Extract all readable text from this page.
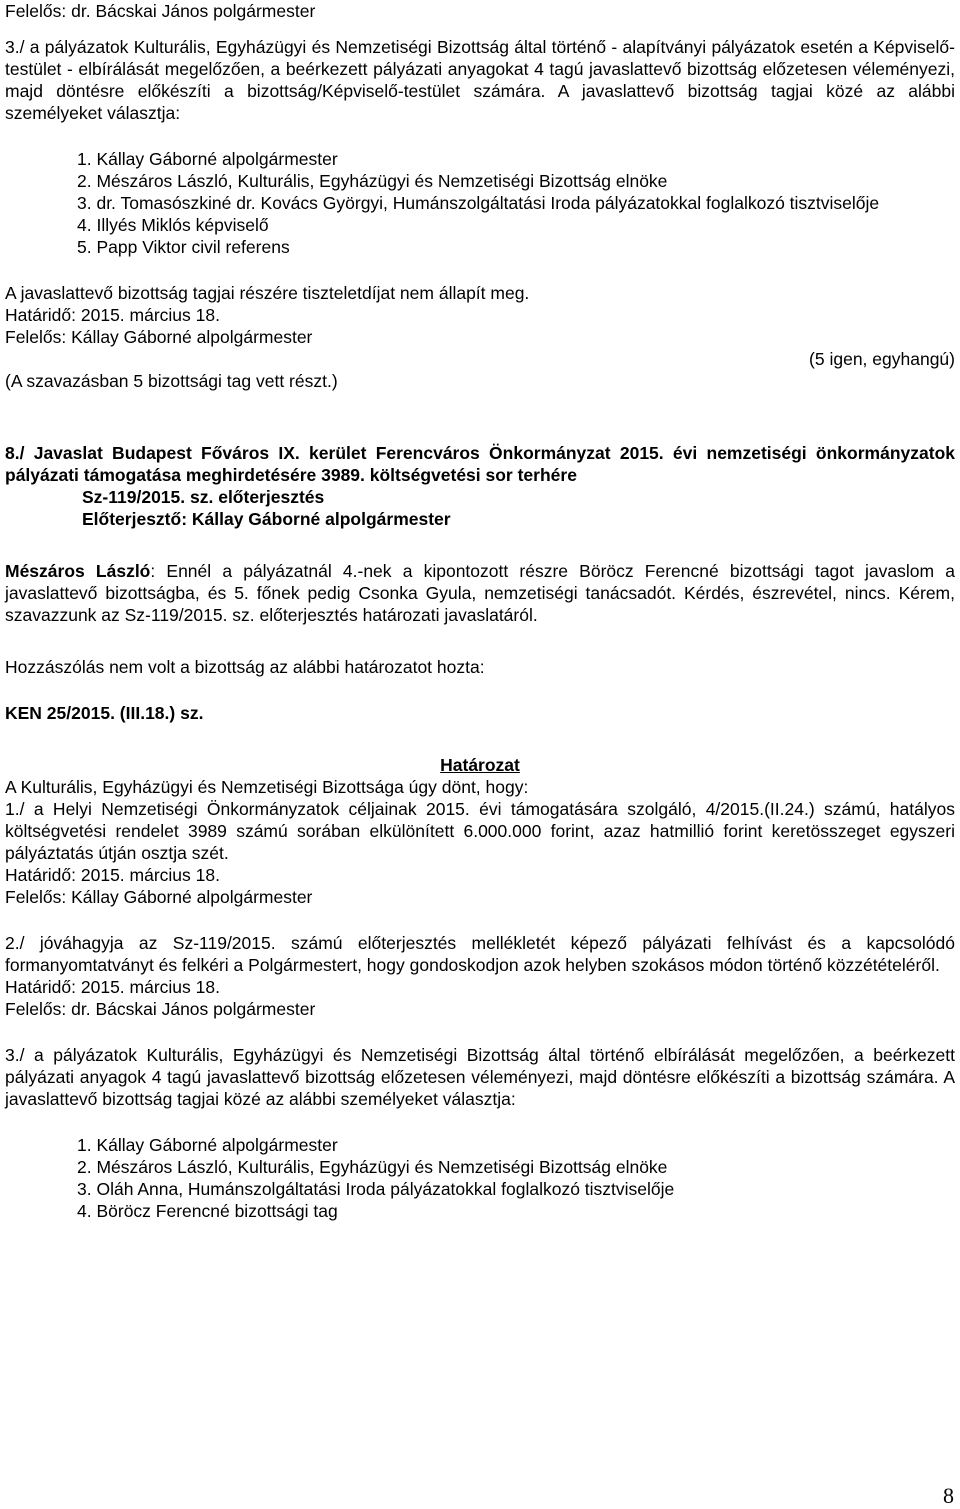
Felelős: dr. Bácskai János polgármester

3./ a pályázatok Kulturális, Egyházügyi és Nemzetiségi Bizottság által történő - alapítványi pályázatok esetén a Képviselő-testület - elbírálását megelőzően, a beérkezett pályázati anyagokat 4 tagú javaslattevő bizottság előzetesen véleményezi, majd döntésre előkészíti a bizottság/Képviselő-testület számára. A javaslattevő bizottság tagjai közé az alábbi személyeket választja:

1. Kállay Gáborné alpolgármester

2. Mészáros László, Kulturális, Egyházügyi és Nemzetiségi Bizottság elnöke

3. dr. Tomasószkiné dr. Kovács Györgyi, Humánszolgáltatási Iroda pályázatokkal foglalkozó tisztviselője

4. Illyés Miklós képviselő

5. Papp Viktor civil referens

A javaslattevő bizottság tagjai részére tiszteletdíjat nem állapít meg.

Határidő: 2015. március 18.

Felelős: Kállay Gáborné alpolgármester

(5 igen, egyhangú)
(A szavazásban 5 bizottsági tag vett részt.)

8./ Javaslat Budapest Főváros IX. kerület Ferencváros Önkormányzat 2015. évi nemzetiségi önkormányzatok pályázati támogatása meghirdetésére 3989. költségvetési sor terhére

Sz-119/2015. sz. előterjesztés

Előterjesztő: Kállay Gáborné alpolgármester

Mészáros László: Ennél a pályázatnál 4.-nek a kipontozott részre Böröcz Ferencné bizottsági tagot javaslom a javaslattevő bizottságba, és 5. főnek pedig Csonka Gyula, nemzetiségi tanácsadót. Kérdés, észrevétel, nincs. Kérem, szavazzunk az Sz-119/2015. sz. előterjesztés határozati javaslatáról.

Hozzászólás nem volt a bizottság az alábbi határozatot hozta:

KEN 25/2015. (III.18.) sz.

Határozat

A Kulturális, Egyházügyi és Nemzetiségi Bizottsága úgy dönt, hogy:

1./ a Helyi Nemzetiségi Önkormányzatok céljainak 2015. évi támogatására szolgáló, 4/2015.(II.24.) számú, hatályos költségvetési rendelet 3989 számú sorában elkülönített 6.000.000 forint, azaz hatmillió forint keretösszeget egyszeri pályáztatás útján osztja szét.

Határidő: 2015. március 18.

Felelős: Kállay Gáborné alpolgármester

2./ jóváhagyja az Sz-119/2015. számú előterjesztés mellékletét képező pályázati felhívást és a kapcsolódó formanyomtatványt és felkéri a Polgármestert, hogy gondoskodjon azok helyben szokásos módon történő közzétételéről.

Határidő: 2015. március 18.

Felelős: dr. Bácskai János polgármester

3./ a pályázatok Kulturális, Egyházügyi és Nemzetiségi Bizottság által történő elbírálását megelőzően, a beérkezett pályázati anyagok 4 tagú javaslattevő bizottság előzetesen véleményezi, majd döntésre előkészíti a bizottság számára. A javaslattevő bizottság tagjai közé az alábbi személyeket választja:

1. Kállay Gáborné alpolgármester

2. Mészáros László, Kulturális, Egyházügyi és Nemzetiségi Bizottság elnöke

3. Oláh Anna, Humánszolgáltatási Iroda pályázatokkal foglalkozó tisztviselője

4. Böröcz Ferencné bizottsági tag

8
